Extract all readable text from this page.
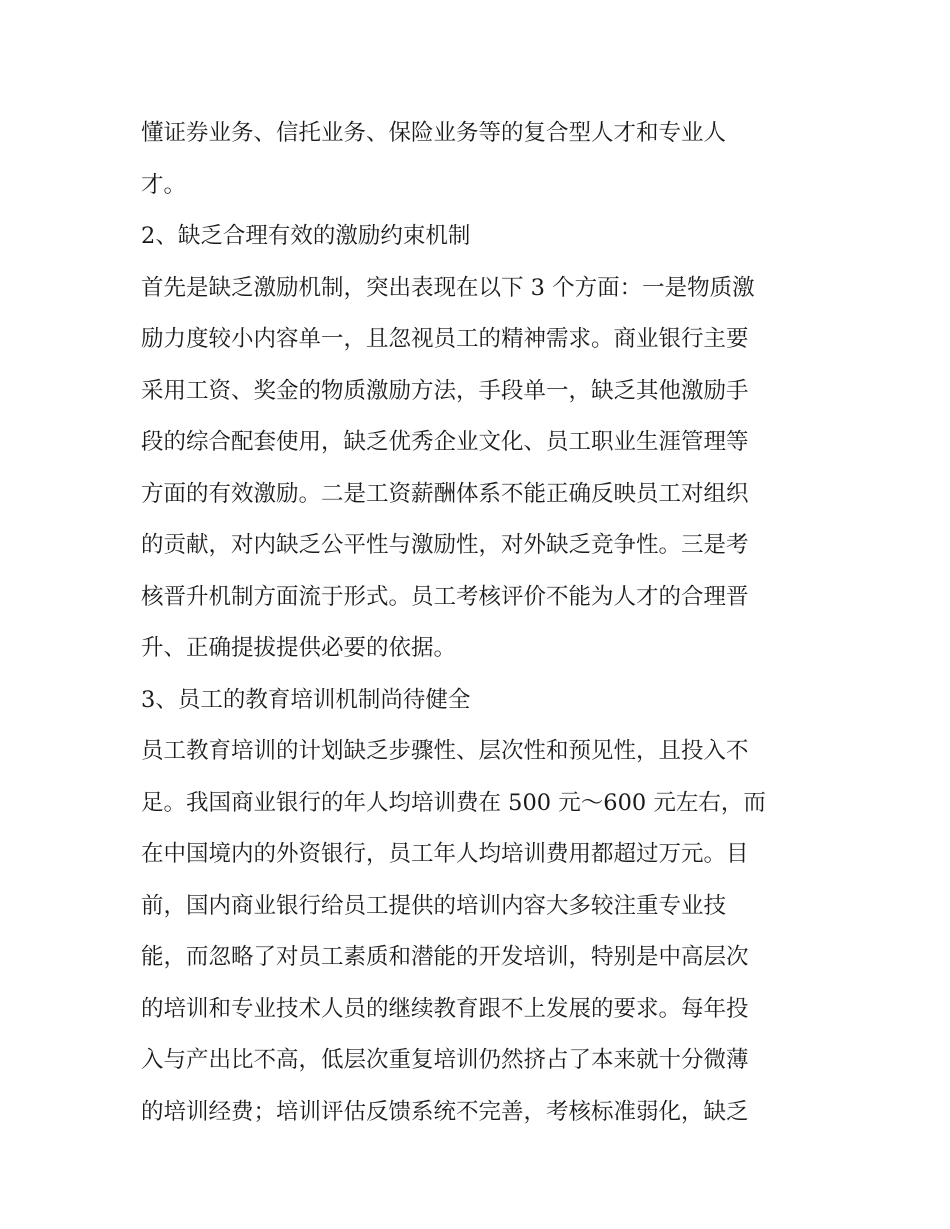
懂证券业务、信托业务、保险业务等的复合型人才和专业人
才。
2、缺乏合理有效的激励约束机制
首先是缺乏激励机制，突出表现在以下 3 个方面：一是物质激
励力度较小内容单一，且忽视员工的精神需求。商业银行主要
采用工资、奖金的物质激励方法，手段单一，缺乏其他激励手
段的综合配套使用，缺乏优秀企业文化、员工职业生涯管理等
方面的有效激励。二是工资薪酬体系不能正确反映员工对组织
的贡献，对内缺乏公平性与激励性，对外缺乏竞争性。三是考
核晋升机制方面流于形式。员工考核评价不能为人才的合理晋
升、正确提拔提供必要的依据。
3、员工的教育培训机制尚待健全
员工教育培训的计划缺乏步骤性、层次性和预见性，且投入不
足。我国商业银行的年人均培训费在 500 元～600 元左右，而
在中国境内的外资银行，员工年人均培训费用都超过万元。目
前，国内商业银行给员工提供的培训内容大多较注重专业技
能，而忽略了对员工素质和潜能的开发培训，特别是中高层次
的培训和专业技术人员的继续教育跟不上发展的要求。每年投
入与产出比不高，低层次重复培训仍然挤占了本来就十分微薄
的培训经费；培训评估反馈系统不完善，考核标准弱化，缺乏
